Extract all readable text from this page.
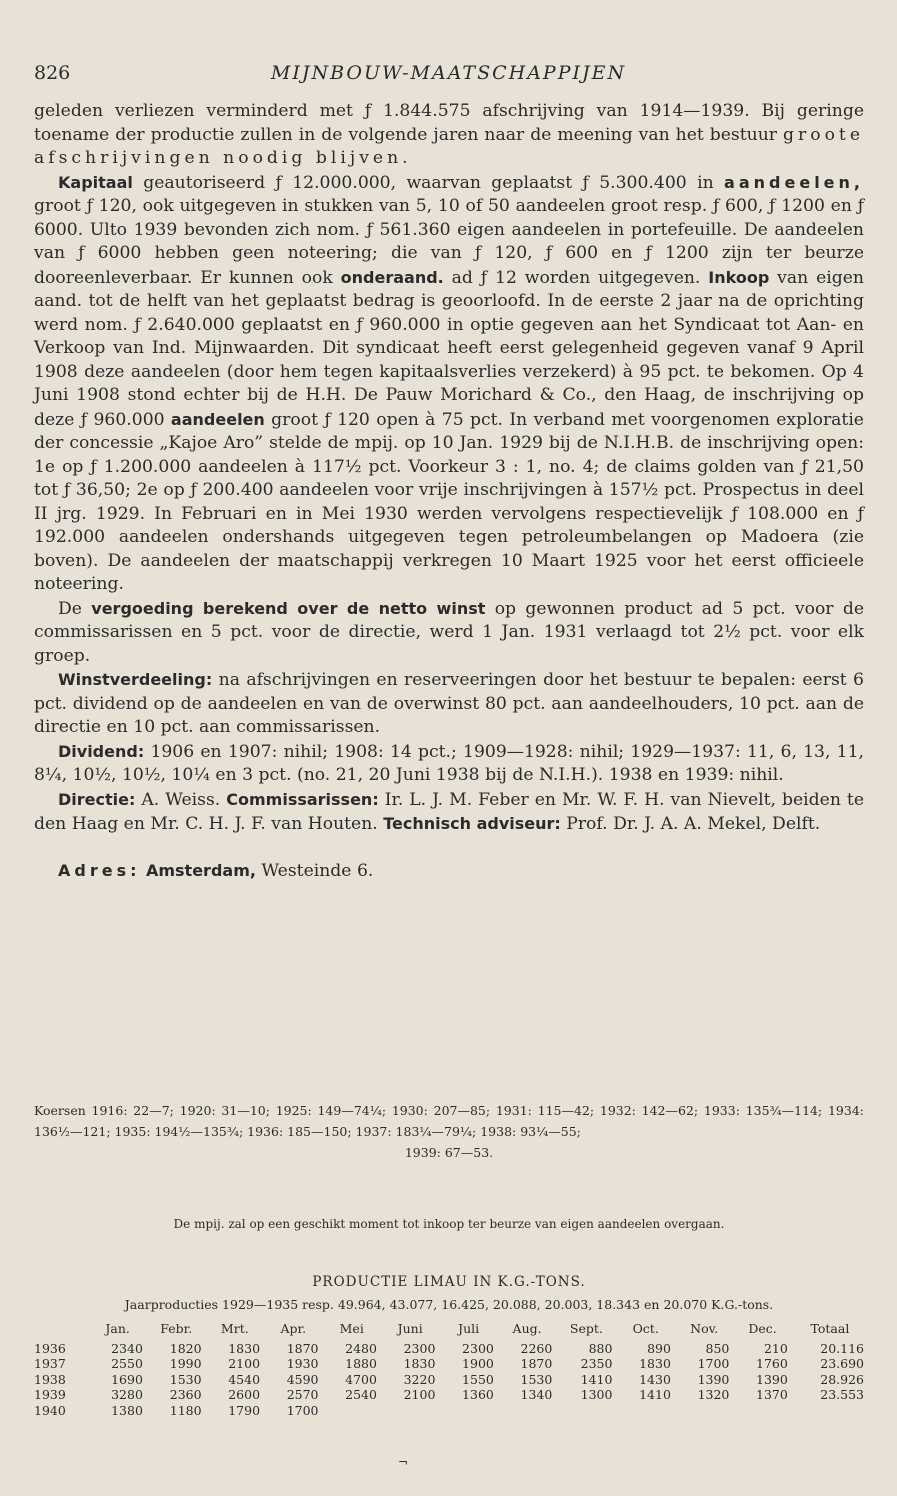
826	MIJNBOUW-MAATSCHAPPIJEN

geleden verliezen verminderd met ƒ 1.844.575 afschrijving van 1914—1939. Bij geringe toename der productie zullen in de volgende jaren naar de meening van het bestuur groote afschrijvingen noodig blijven.

Kapitaal geautoriseerd ƒ 12.000.000, waarvan geplaatst ƒ 5.300.400 in aandeelen, groot ƒ 120, ook uitgegeven in stukken van 5, 10 of 50 aandeelen groot resp. ƒ 600, ƒ 1200 en ƒ 6000. Ulto 1939 bevonden zich nom. ƒ 561.360 eigen aandeelen in portefeuille. De aandeelen van ƒ 6000 hebben geen noteering; die van ƒ 120, ƒ 600 en ƒ 1200 zijn ter beurze dooreenleverbaar. Er kunnen ook onderaand. ad ƒ 12 worden uitgegeven. Inkoop van eigen aand. tot de helft van het geplaatst bedrag is geoorloofd. In de eerste 2 jaar na de oprichting werd nom. ƒ 2.640.000 geplaatst en ƒ 960.000 in optie gegeven aan het Syndicaat tot Aan- en Verkoop van Ind. Mijnwaarden. Dit syndicaat heeft eerst gelegenheid gegeven vanaf 9 April 1908 deze aandeelen (door hem tegen kapitaalsverlies verzekerd) à 95 pct. te bekomen. Op 4 Juni 1908 stond echter bij de H.H. De Pauw Morichard & Co., den Haag, de inschrijving op deze ƒ 960.000 aandeelen groot ƒ 120 open à 75 pct. In verband met voorgenomen exploratie der concessie „Kajoe Aro” stelde de mpij. op 10 Jan. 1929 bij de N.I.H.B. de inschrijving open: 1e op ƒ 1.200.000 aandeelen à 117½ pct. Voorkeur 3 : 1, no. 4; de claims golden van ƒ 21,50 tot ƒ 36,50; 2e op ƒ 200.400 aandeelen voor vrije inschrijvingen à 157½ pct. Prospectus in deel II jrg. 1929. In Februari en in Mei 1930 werden vervolgens respectievelijk ƒ 108.000 en ƒ 192.000 aandeelen ondershands uitgegeven tegen petroleumbelangen op Madoera (zie boven). De aandeelen der maatschappij verkregen 10 Maart 1925 voor het eerst officieele noteering.

De vergoeding berekend over de netto winst op gewonnen product ad 5 pct. voor de commissarissen en 5 pct. voor de directie, werd 1 Jan. 1931 verlaagd tot 2½ pct. voor elk groep.

Winstverdeeling: na afschrijvingen en reserveeringen door het bestuur te bepalen: eerst 6 pct. dividend op de aandeelen en van de overwinst 80 pct. aan aandeelhouders, 10 pct. aan de directie en 10 pct. aan commissarissen.

Dividend: 1906 en 1907: nihil; 1908: 14 pct.; 1909—1928: nihil; 1929—1937: 11, 6, 13, 11, 8¼, 10½, 10½, 10¼ en 3 pct. (no. 21, 20 Juni 1938 bij de N.I.H.). 1938 en 1939: nihil.

Directie: A. Weiss. Commissarissen: Ir. L. J. M. Feber en Mr. W. F. H. van Nievelt, beiden te den Haag en Mr. C. H. J. F. van Houten. Technisch adviseur: Prof. Dr. J. A. A. Mekel, Delft.

Adres: Amsterdam, Westeinde 6.

Koersen 1916: 22—7; 1920: 31—10; 1925: 149—74¼; 1930: 207—85; 1931: 115—42; 1932: 142—62; 1933: 135¾—114; 1934: 136½—121; 1935: 194½—135¾; 1936: 185—150; 1937: 183¼—79¼; 1938: 93¼—55;
1939: 67—53.
De mpij. zal op een geschikt moment tot inkoop ter beurze van eigen aandeelen overgaan.
PRODUCTIE LIMAU IN K.G.-TONS.
Jaarproducties 1929—1935 resp. 49.964, 43.077, 16.425, 20.088, 20.003, 18.343 en 20.070 K.G.-tons.
	Jan.	Febr.	Mrt.	Apr.	Mei	Juni	Juli	Aug.	Sept.	Oct.	Nov.	Dec.	Totaal
1936	2340	1820	1830	1870	2480	2300	2300	2260	880	890	850	210	20.116
1937	2550	1990	2100	1930	1880	1830	1900	1870	2350	1830	1700	1760	23.690
1938	1690	1530	4540	4590	4700	3220	1550	1530	1410	1430	1390	1390	28.926
1939	3280	2360	2600	2570	2540	2100	1360	1340	1300	1410	1320	1370	23.553
1940	1380	1180	1790	1700									
¬
